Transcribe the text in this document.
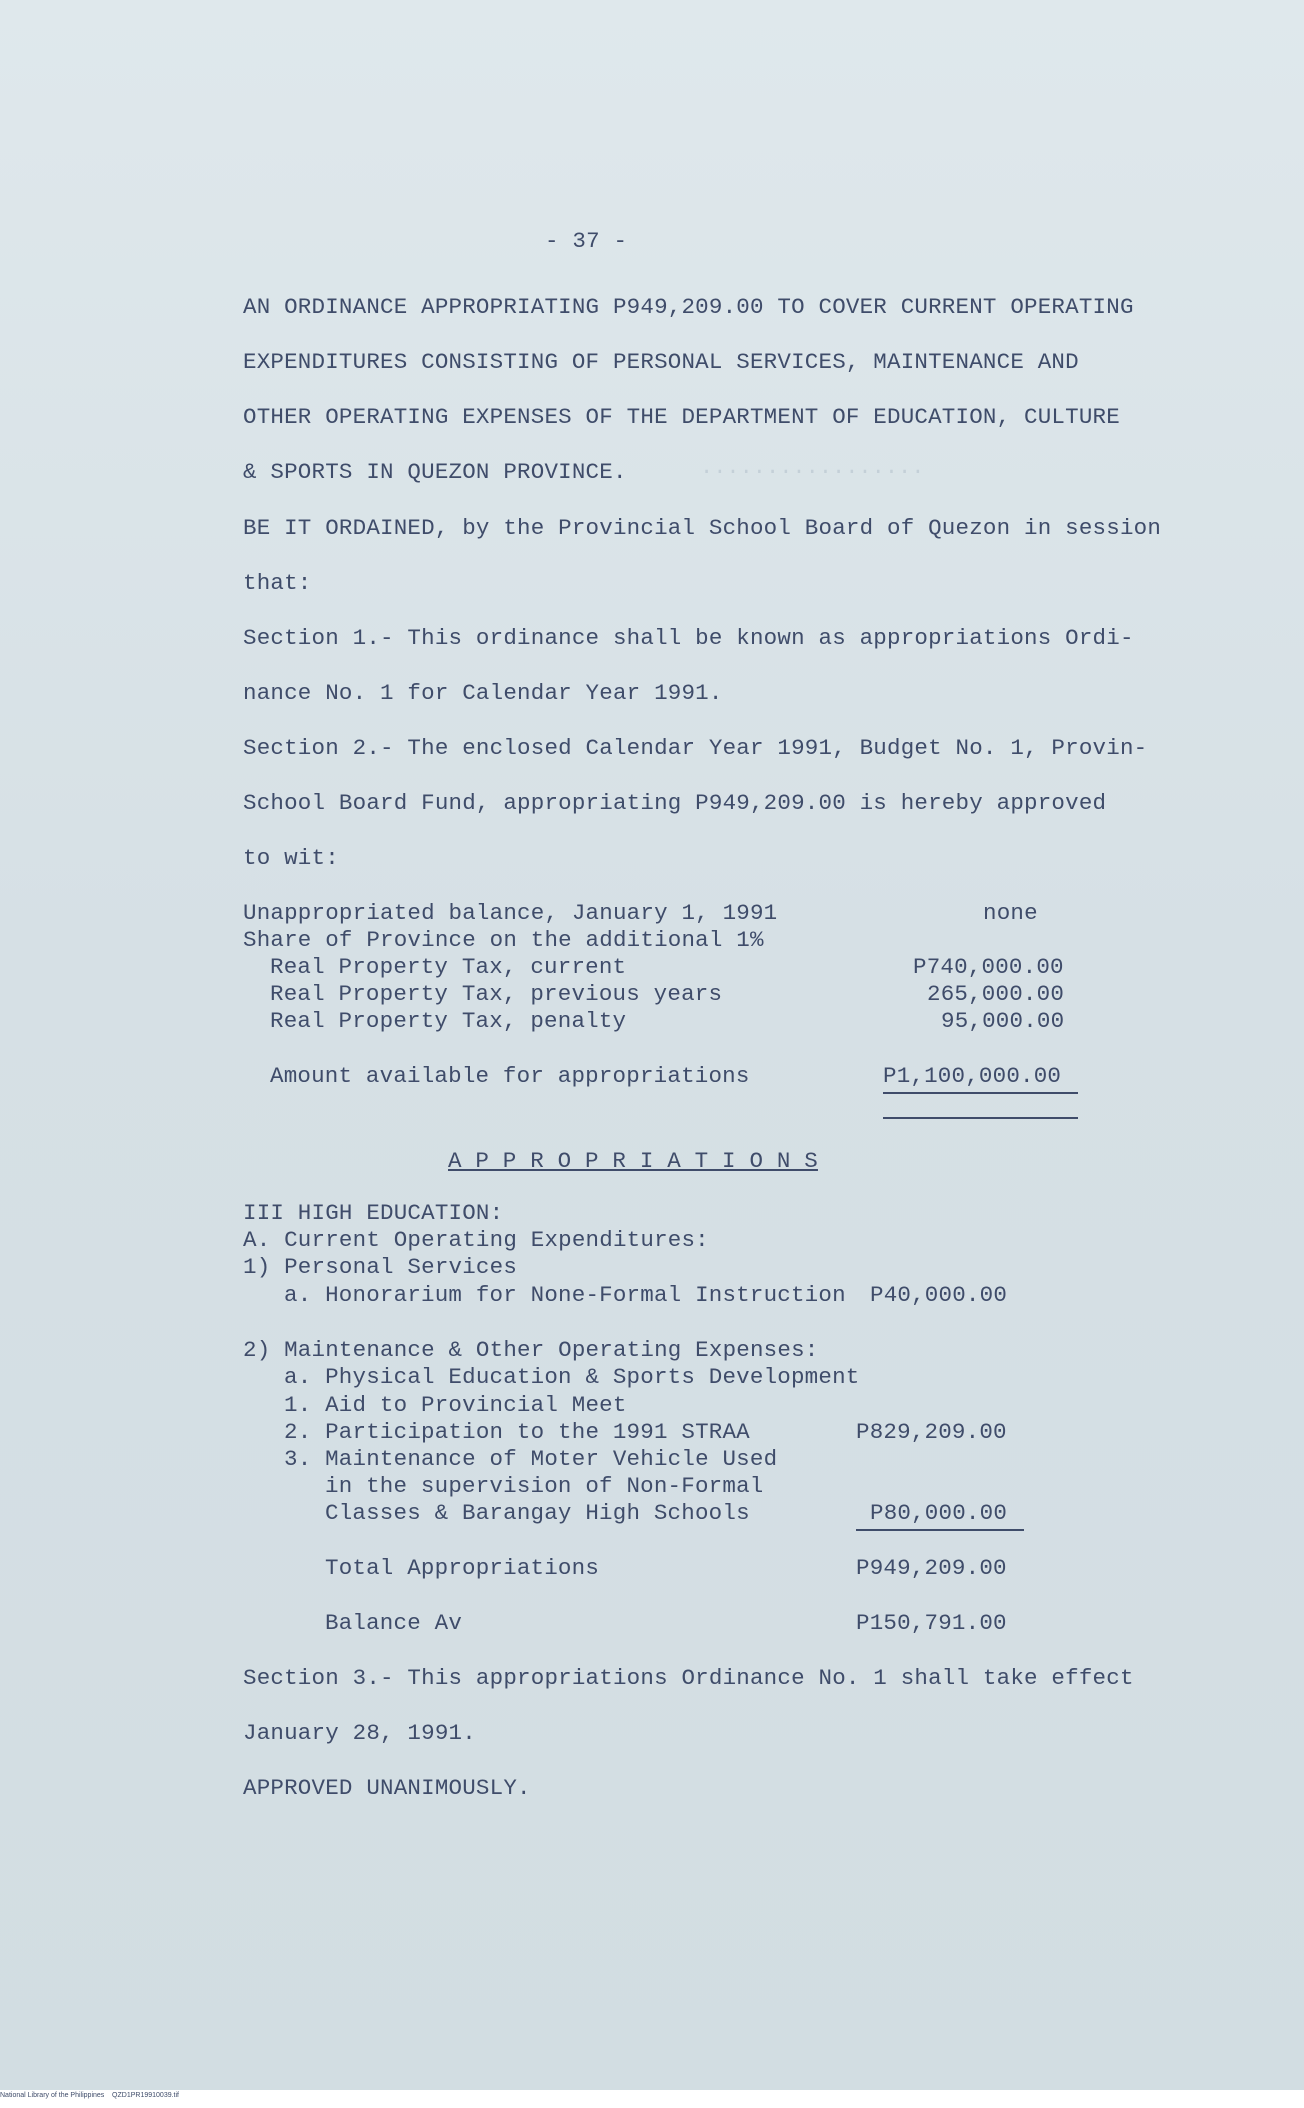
.................
- 37 -
AN ORDINANCE APPROPRIATING P949,209.00 TO COVER CURRENT OPERATING
EXPENDITURES CONSISTING OF PERSONAL SERVICES, MAINTENANCE AND
OTHER OPERATING EXPENSES OF THE DEPARTMENT OF EDUCATION, CULTURE
& SPORTS IN QUEZON PROVINCE.
BE IT ORDAINED, by the Provincial School Board of Quezon in session
that:
Section 1.- This ordinance shall be known as appropriations Ordi-
nance No. 1 for Calendar Year 1991.
Section 2.- The enclosed Calendar Year 1991, Budget No. 1, Provin-
School Board Fund, appropriating P949,209.00 is hereby approved
to wit:
Unappropriated balance, January 1, 1991	none
Share of Province on the additional 1%
Real Property Tax, current	P740,000.00
Real Property Tax, previous years	265,000.00
Real Property Tax, penalty	95,000.00
Amount available for appropriations	P1,100,000.00
A P P R O P R I A T I O N S
III HIGH EDUCATION:
A. Current Operating Expenditures:
1) Personal Services
a. Honorarium for None-Formal Instruction P40,000.00
2) Maintenance & Other Operating Expenses:
a. Physical Education & Sports Development
1. Aid to Provincial Meet
2. Participation to the 1991 STRAA	P829,209.00
3. Maintenance of Moter Vehicle Used
in the supervision of Non-Formal
Classes & Barangay High Schools	P80,000.00
Total Appropriations	P949,209.00
Balance Av	P150,791.00
Section 3.- This appropriations Ordinance No. 1 shall take effect
January 28, 1991.
APPROVED UNANIMOUSLY.
National Library of the Philippines    QZD1PR19910039.tif
